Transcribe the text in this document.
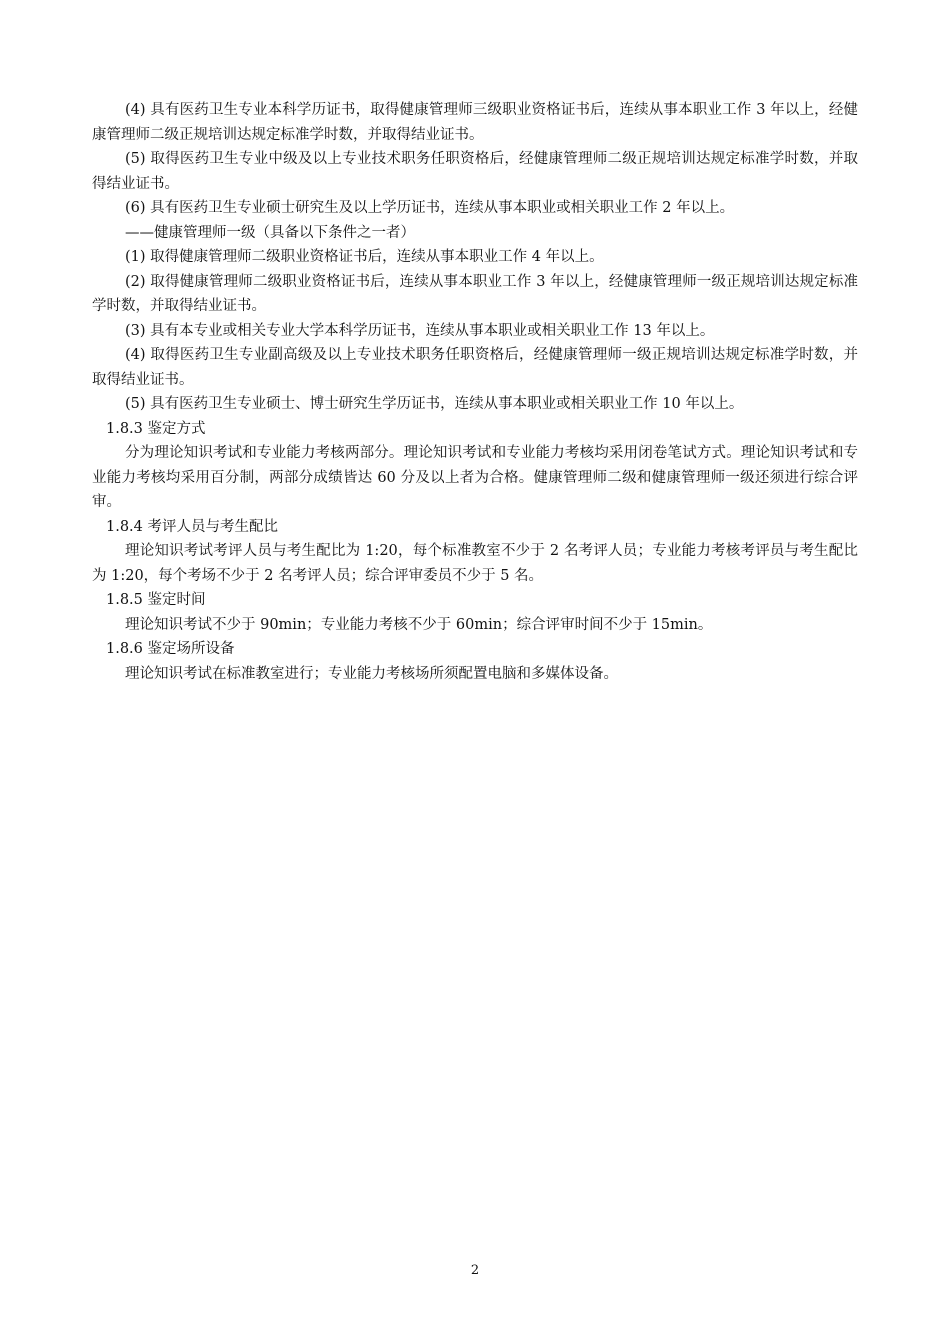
(4) 具有医药卫生专业本科学历证书，取得健康管理师三级职业资格证书后，连续从事本职业工作 3 年以上，经健康管理师二级正规培训达规定标准学时数，并取得结业证书。

(5) 取得医药卫生专业中级及以上专业技术职务任职资格后，经健康管理师二级正规培训达规定标准学时数，并取得结业证书。

(6) 具有医药卫生专业硕士研究生及以上学历证书，连续从事本职业或相关职业工作 2 年以上。

——健康管理师一级（具备以下条件之一者）

(1) 取得健康管理师二级职业资格证书后，连续从事本职业工作 4 年以上。

(2) 取得健康管理师二级职业资格证书后，连续从事本职业工作 3 年以上，经健康管理师一级正规培训达规定标准学时数，并取得结业证书。

(3) 具有本专业或相关专业大学本科学历证书，连续从事本职业或相关职业工作 13 年以上。

(4) 取得医药卫生专业副高级及以上专业技术职务任职资格后，经健康管理师一级正规培训达规定标准学时数，并取得结业证书。

(5) 具有医药卫生专业硕士、博士研究生学历证书，连续从事本职业或相关职业工作 10 年以上。

1.8.3 鉴定方式

分为理论知识考试和专业能力考核两部分。理论知识考试和专业能力考核均采用闭卷笔试方式。理论知识考试和专业能力考核均采用百分制，两部分成绩皆达 60 分及以上者为合格。健康管理师二级和健康管理师一级还须进行综合评审。

1.8.4 考评人员与考生配比

理论知识考试考评人员与考生配比为 1:20，每个标准教室不少于 2 名考评人员；专业能力考核考评员与考生配比为 1:20，每个考场不少于 2 名考评人员；综合评审委员不少于 5 名。

1.8.5 鉴定时间

理论知识考试不少于 90min；专业能力考核不少于 60min；综合评审时间不少于 15min。

1.8.6 鉴定场所设备

理论知识考试在标准教室进行；专业能力考核场所须配置电脑和多媒体设备。

2
